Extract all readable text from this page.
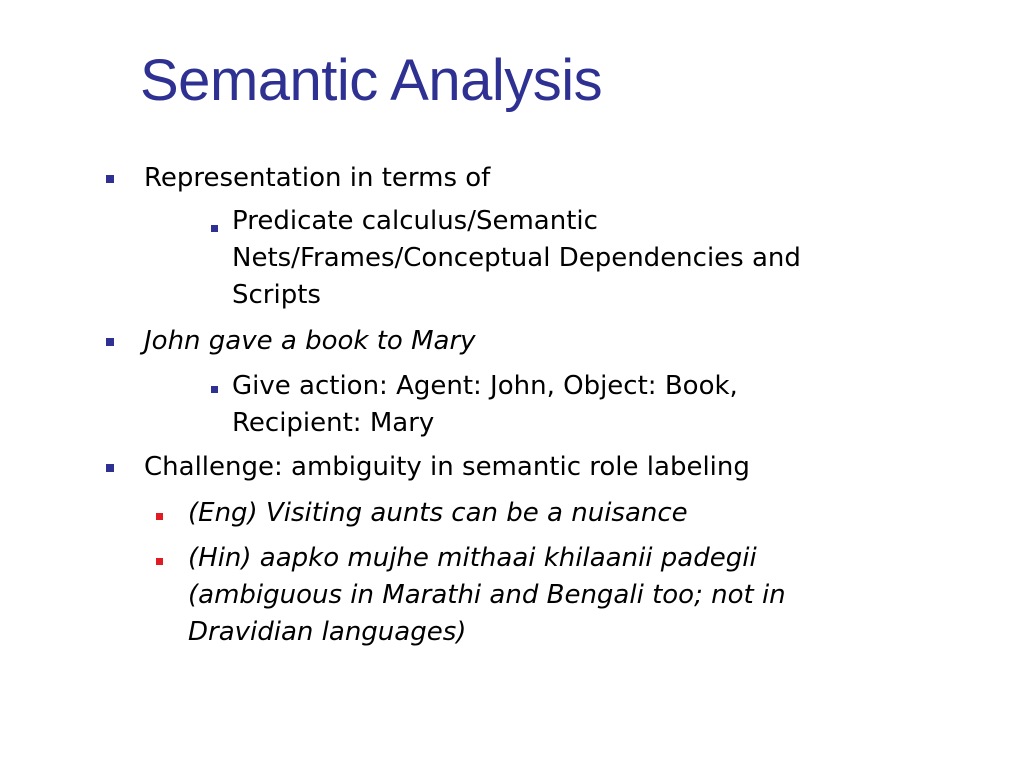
Semantic Analysis
Representation in terms of
Predicate calculus/Semantic
Nets/Frames/Conceptual Dependencies and
Scripts
John gave a book to Mary
Give action: Agent: John, Object: Book,
Recipient: Mary
Challenge: ambiguity in semantic role labeling
(Eng) Visiting aunts can be a nuisance
(Hin) aapko mujhe mithaai khilaanii padegii
(ambiguous in Marathi and Bengali too; not in
Dravidian languages)
